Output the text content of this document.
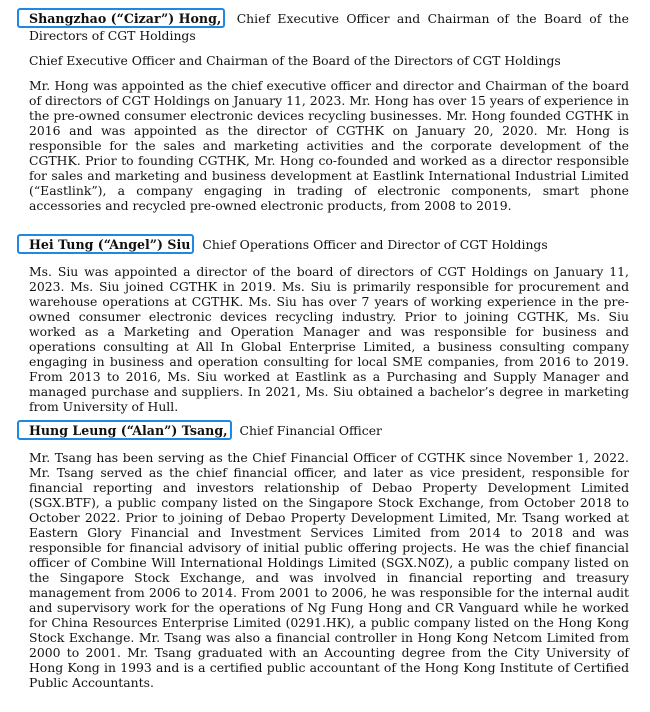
Shangzhao (“Cizar”) Hong, Chief Executive Officer and Chairman of the Board of the Directors of CGT Holdings
Chief Executive Officer and Chairman of the Board of the Directors of CGT Holdings
Mr. Hong was appointed as the chief executive officer and director and Chairman of the board of directors of CGT Holdings on January 11, 2023. Mr. Hong has over 15 years of experience in the pre-owned consumer electronic devices recycling businesses. Mr. Hong founded CGTHK in 2016 and was appointed as the director of CGTHK on January 20, 2020. Mr. Hong is responsible for the sales and marketing activities and the corporate development of the CGTHK. Prior to founding CGTHK, Mr. Hong co-founded and worked as a director responsible for sales and marketing and business development at Eastlink International Industrial Limited (“Eastlink”), a company engaging in trading of electronic components, smart phone accessories and recycled pre-owned electronic products, from 2008 to 2019.
Hei Tung (“Angel”) Siu Chief Operations Officer and Director of CGT Holdings
Ms. Siu was appointed a director of the board of directors of CGT Holdings on January 11, 2023. Ms. Siu joined CGTHK in 2019. Ms. Siu is primarily responsible for procurement and warehouse operations at CGTHK. Ms. Siu has over 7 years of working experience in the pre-owned consumer electronic devices recycling industry. Prior to joining CGTHK, Ms. Siu worked as a Marketing and Operation Manager and was responsible for business and operations consulting at All In Global Enterprise Limited, a business consulting company engaging in business and operation consulting for local SME companies, from 2016 to 2019. From 2013 to 2016, Ms. Siu worked at Eastlink as a Purchasing and Supply Manager and managed purchase and suppliers. In 2021, Ms. Siu obtained a bachelor’s degree in marketing from University of Hull.
Hung Leung (“Alan”) Tsang, Chief Financial Officer
Mr. Tsang has been serving as the Chief Financial Officer of CGTHK since November 1, 2022. Mr. Tsang served as the chief financial officer, and later as vice president, responsible for financial reporting and investors relationship of Debao Property Development Limited (SGX.BTF), a public company listed on the Singapore Stock Exchange, from October 2018 to October 2022. Prior to joining of Debao Property Development Limited, Mr. Tsang worked at Eastern Glory Financial and Investment Services Limited from 2014 to 2018 and was responsible for financial advisory of initial public offering projects. He was the chief financial officer of Combine Will International Holdings Limited (SGX.N0Z), a public company listed on the Singapore Stock Exchange, and was involved in financial reporting and treasury management from 2006 to 2014. From 2001 to 2006, he was responsible for the internal audit and supervisory work for the operations of Ng Fung Hong and CR Vanguard while he worked for China Resources Enterprise Limited (0291.HK), a public company listed on the Hong Kong Stock Exchange. Mr. Tsang was also a financial controller in Hong Kong Netcom Limited from 2000 to 2001. Mr. Tsang graduated with an Accounting degree from the City University of Hong Kong in 1993 and is a certified public accountant of the Hong Kong Institute of Certified Public Accountants.
